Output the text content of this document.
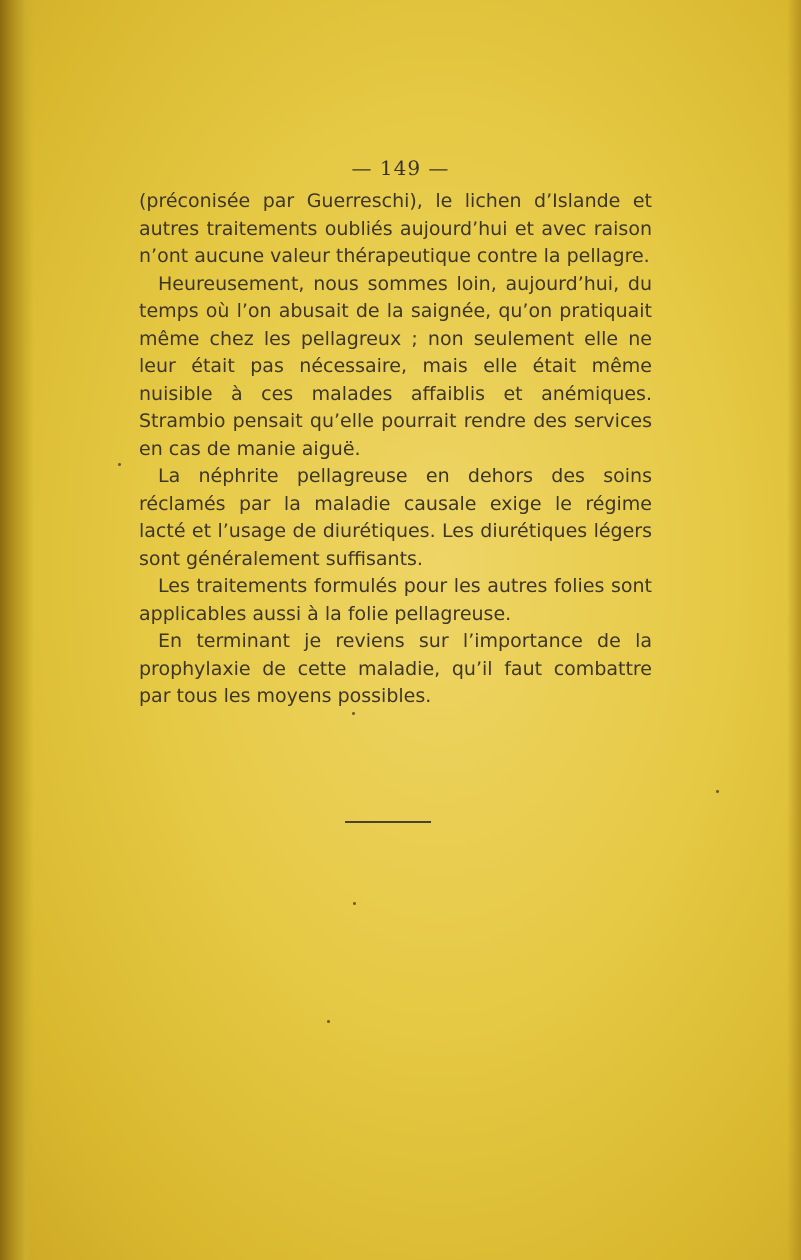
— 149 —

(préconisée par Guerreschi), le lichen d’Islande et autres traitements oubliés aujourd’hui et avec raison n’ont aucune valeur thérapeutique contre la pellagre.

Heureusement, nous sommes loin, aujourd’hui, du temps où l’on abusait de la saignée, qu’on pratiquait même chez les pellagreux ; non seulement elle ne leur était pas nécessaire, mais elle était même nuisible à ces malades affaiblis et anémiques. Strambio pensait qu’elle pourrait rendre des services en cas de manie aiguë.

La néphrite pellagreuse en dehors des soins réclamés par la maladie causale exige le régime lacté et l’usage de diurétiques. Les diurétiques légers sont généralement suffisants.

Les traitements formulés pour les autres folies sont applicables aussi à la folie pellagreuse.

En terminant je reviens sur l’importance de la prophylaxie de cette maladie, qu’il faut combattre par tous les moyens possibles.
